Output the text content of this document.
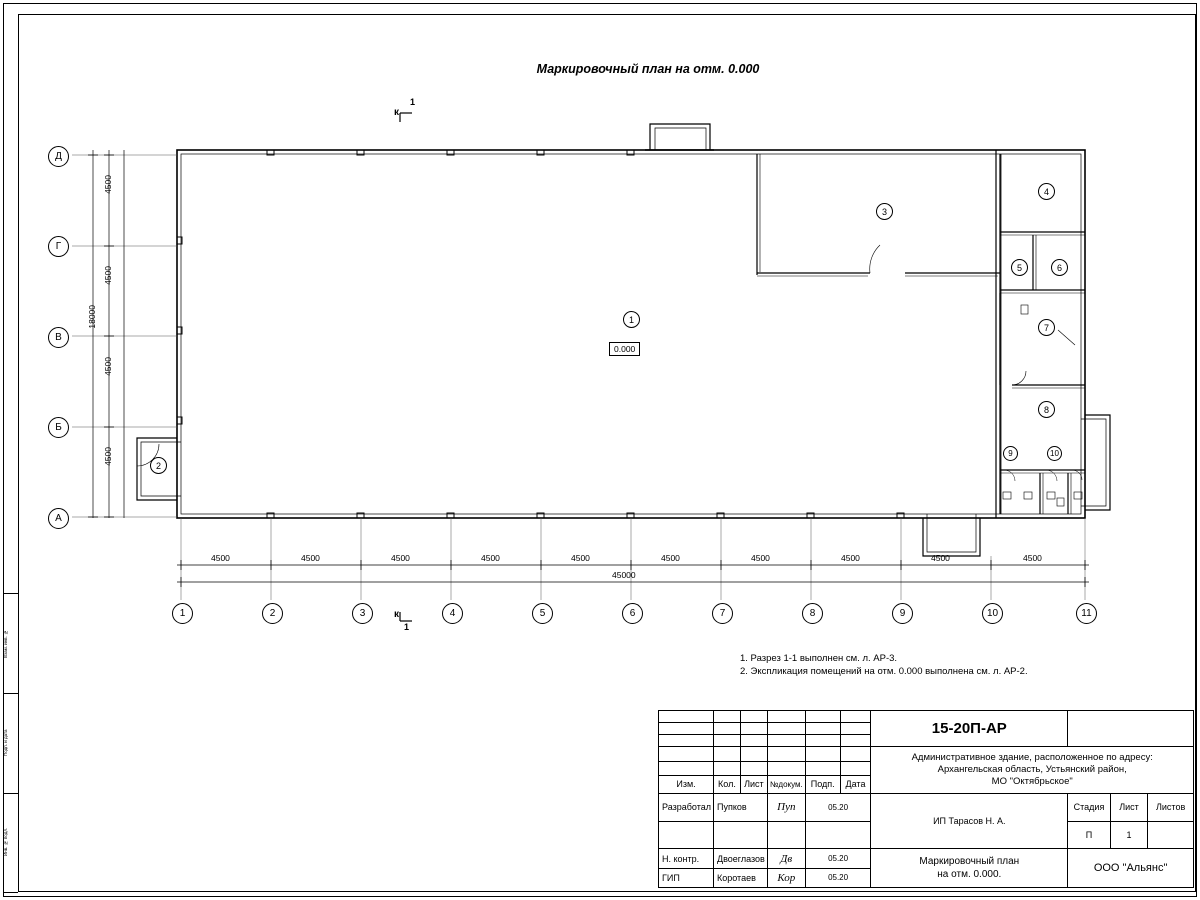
Взам. инв. №
Подп. и дата
Инв. № подл.
Маркировочный план на отм. 0.000
Д
Г
В
Б
А
4500
4500
4500
4500
18000
1	2	3	4	5	6	7	8	9	10	11
4500	4500	4500	4500	4500	4500	4500	4500	4500	4500
45000
1
2
3
4
5	6
7
8
9	10
0.000
к
1
к
1
1. Разрез 1-1 выполнен см. л. АР-3.
2. Экспликация помещений на отм. 0.000 выполнена см. л. АР-2.
						15-20П-АР			

						Административное здание, расположенное по адресу:
Архангельская область, Устьянский район,
МО "Октябрьское"			

Изм.	Кол.	Лист	№докум.	Подп.	Дата				
Разработал	Пупков		Пуп	05.20		ИП Тарасов Н. А.	Стадия	Лист	Листов
							П	1	
Н. контр.	Двоеглазов		Дв	05.20		Маркировочный план
на отм. 0.000.	ООО "Альянс"		
ГИП	Коротаев		Кор	05.20					
